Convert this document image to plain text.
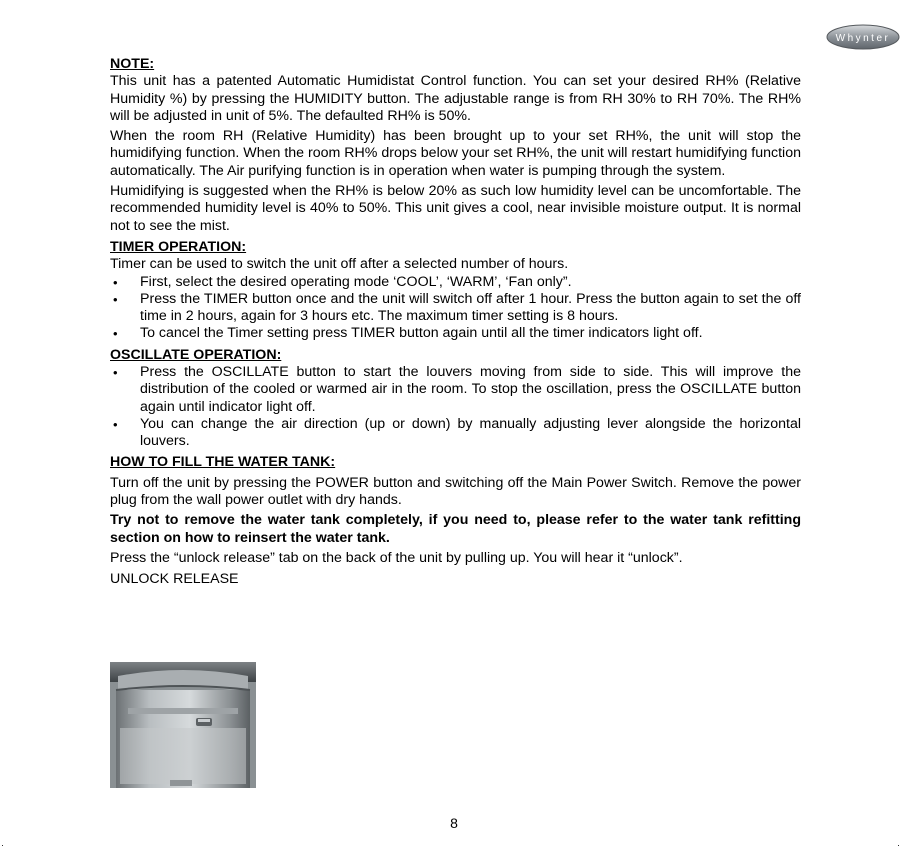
Whynter
NOTE:

This unit has a patented Automatic Humidistat Control function. You can set your desired RH% (Relative Humidity %) by pressing the HUMIDITY button. The adjustable range is from RH 30% to RH 70%. The RH% will be adjusted in unit of 5%. The defaulted RH% is 50%.

When the room RH (Relative Humidity) has been brought up to your set RH%, the unit will stop the humidifying function. When the room RH% drops below your set RH%, the unit will restart humidifying function automatically. The Air purifying function is in operation when water is pumping through the system.

Humidifying is suggested when the RH% is below 20% as such low humidity level can be uncomfortable. The recommended humidity level is 40% to 50%. This unit gives a cool, near invisible moisture output. It is normal not to see the mist.

TIMER OPERATION:

Timer can be used to switch the unit off after a selected number of hours.

• First, select the desired operating mode ‘COOL’, ‘WARM’, ‘Fan only”.
• Press the TIMER button once and the unit will switch off after 1 hour. Press the button again to set the off time in 2 hours, again for 3 hours etc. The maximum timer setting is 8 hours.
• To cancel the Timer setting press TIMER button again until all the timer indicators light off.
OSCILLATE OPERATION:
• Press the OSCILLATE button to start the louvers moving from side to side. This will improve the distribution of the cooled or warmed air in the room. To stop the oscillation, press the OSCILLATE button again until indicator light off.
• You can change the air direction (up or down) by manually adjusting lever alongside the horizontal louvers.
HOW TO FILL THE WATER TANK:

Turn off the unit by pressing the POWER button and switching off the Main Power Switch. Remove the power plug from the wall power outlet with dry hands.

Try not to remove the water tank completely, if you need to, please refer to the water tank refitting section on how to reinsert the water tank.

Press the “unlock release” tab on the back of the unit by pulling up. You will hear it “unlock”.

UNLOCK RELEASE
8
·	·
